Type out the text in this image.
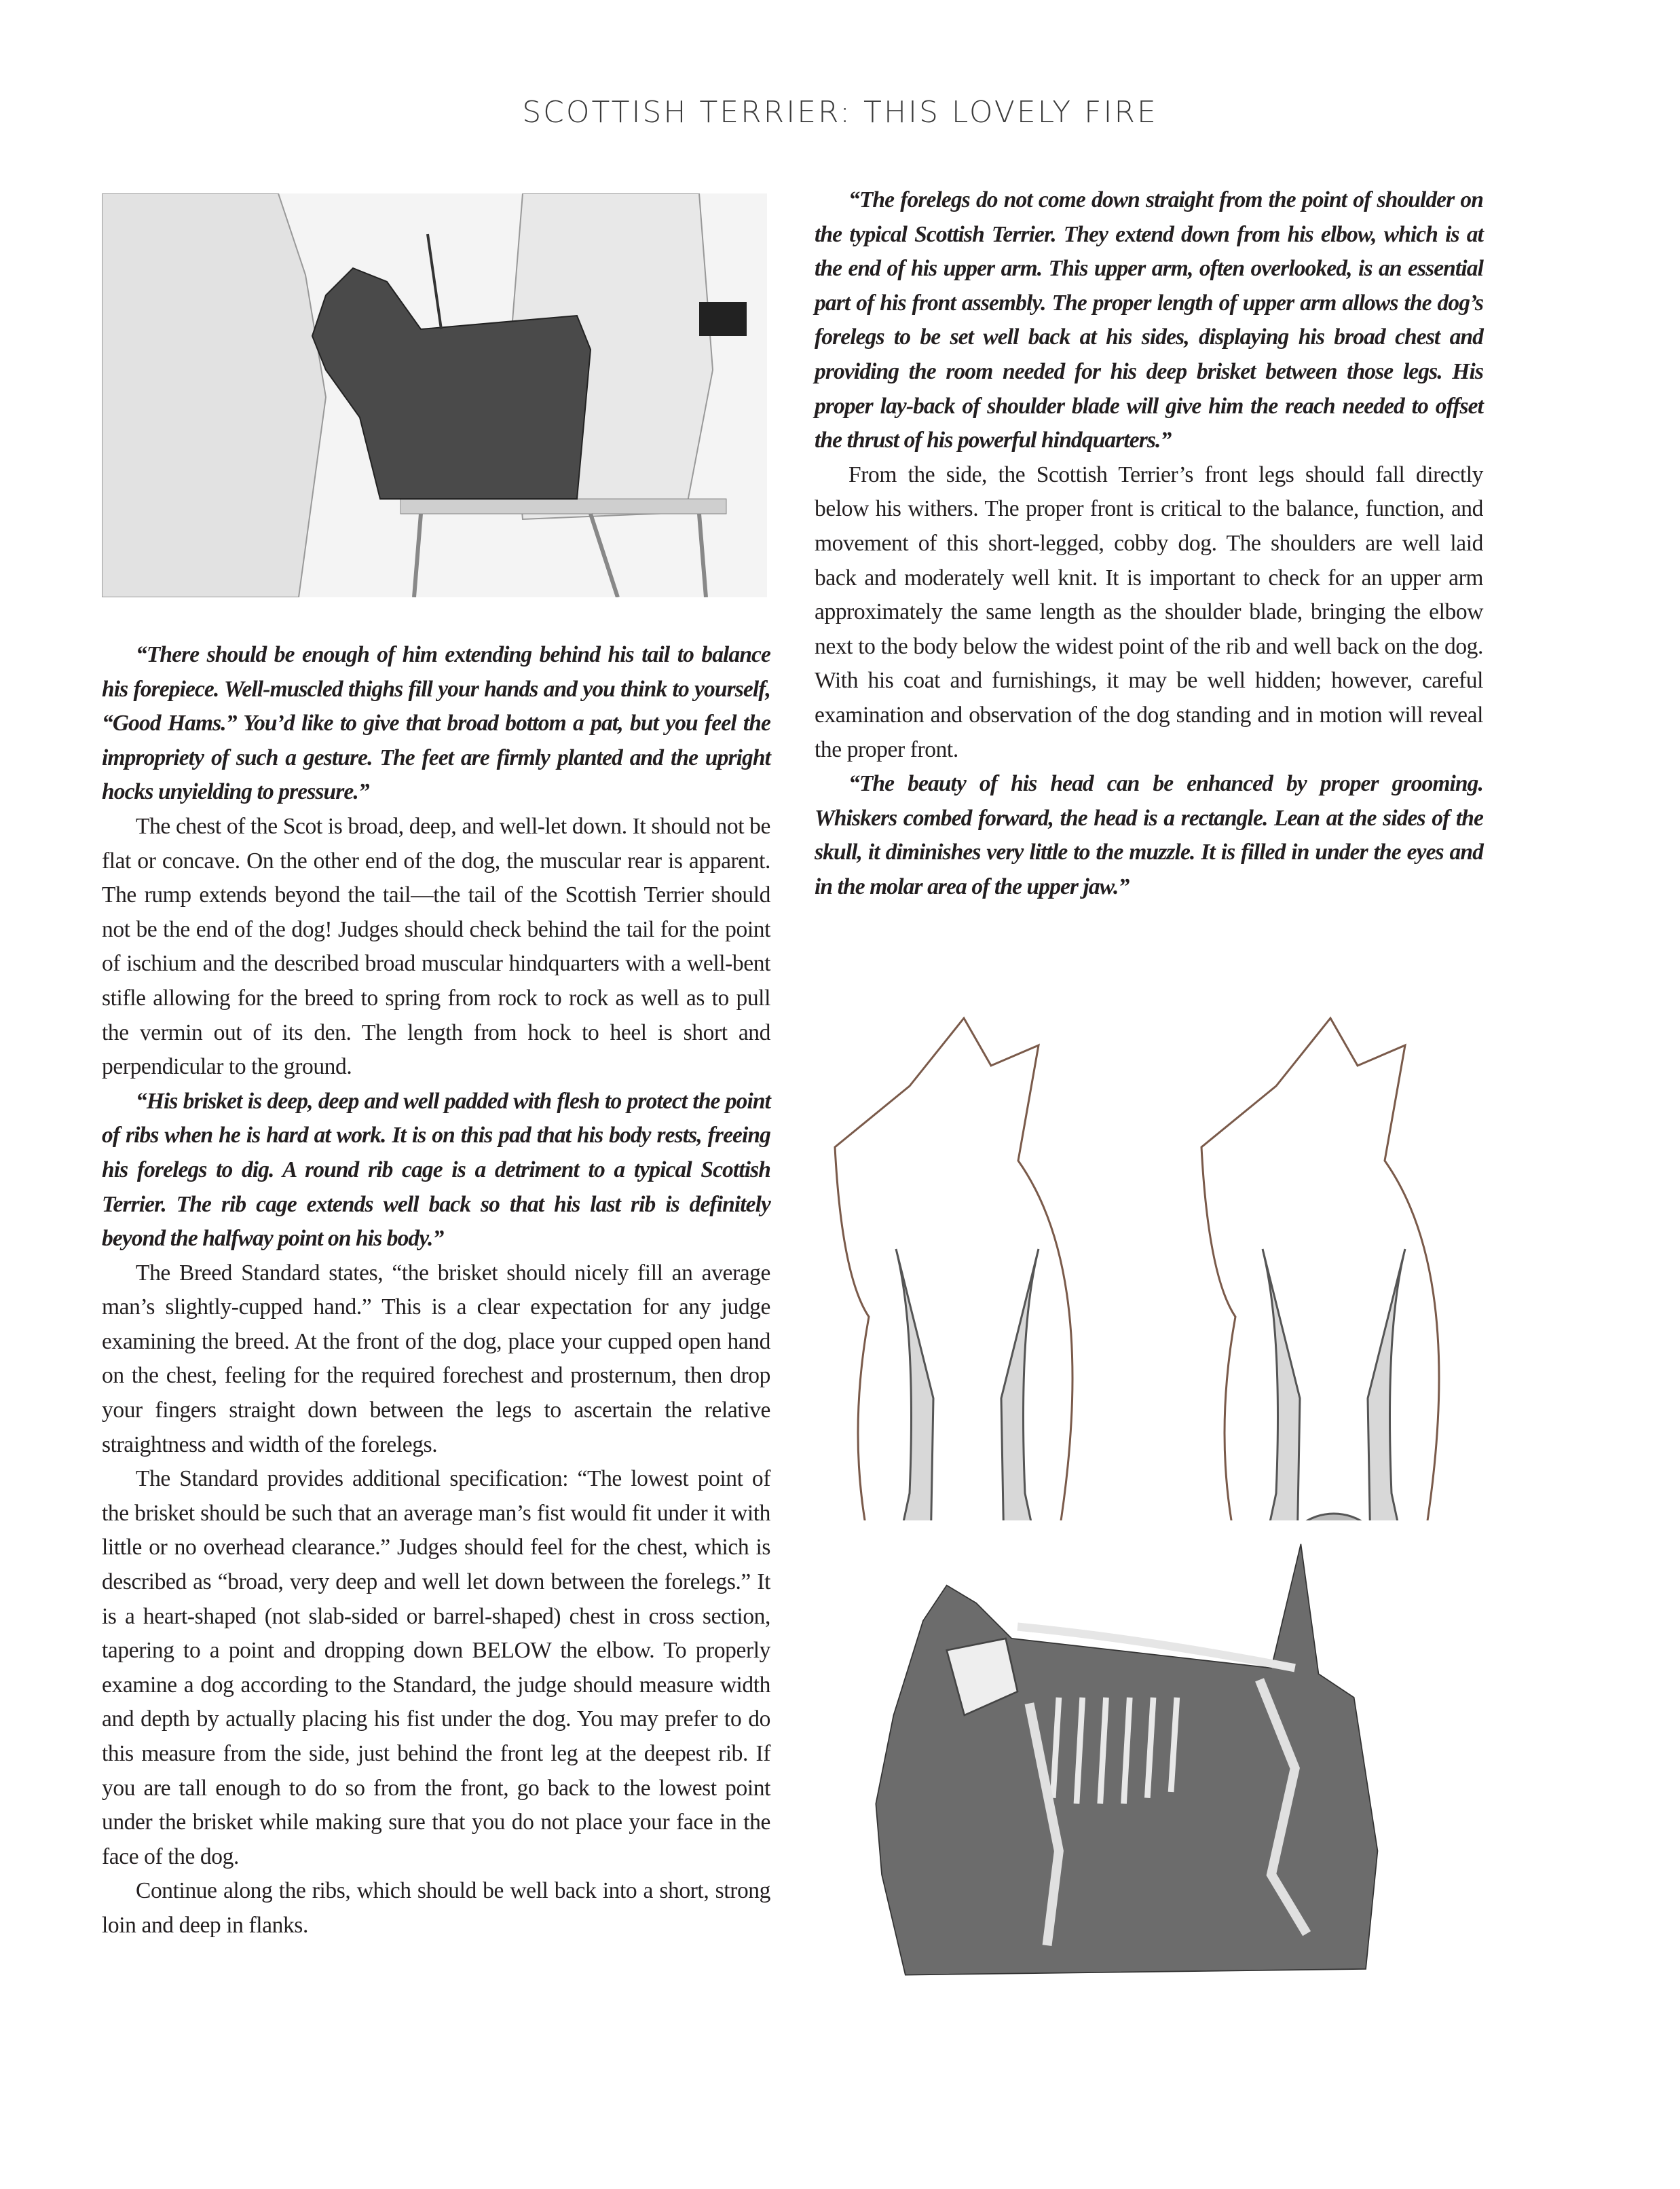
SCOTTISH TERRIER: THIS LOVELY FIRE

“There should be enough of him extending behind his tail to balance his forepiece. Well-muscled thighs fill your hands and you think to yourself, “Good Hams.” You’d like to give that broad bottom a pat, but you feel the impropriety of such a gesture. The feet are firmly planted and the upright hocks unyielding to pressure.”

The chest of the Scot is broad, deep, and well-let down. It should not be flat or concave. On the other end of the dog, the muscular rear is apparent. The rump extends beyond the tail—the tail of the Scottish Terrier should not be the end of the dog! Judges should check behind the tail for the point of ischium and the described broad muscular hindquarters with a well-bent stifle allowing for the breed to spring from rock to rock as well as to pull the vermin out of its den. The length from hock to heel is short and perpendicular to the ground.

“His brisket is deep, deep and well padded with flesh to protect the point of ribs when he is hard at work. It is on this pad that his body rests, freeing his forelegs to dig. A round rib cage is a detriment to a typical Scottish Terrier. The rib cage extends well back so that his last rib is definitely beyond the halfway point on his body.”

The Breed Standard states, “the brisket should nicely fill an average man’s slightly-cupped hand.” This is a clear expectation for any judge examining the breed. At the front of the dog, place your cupped open hand on the chest, feeling for the required forechest and prosternum, then drop your fingers straight down between the legs to ascertain the relative straightness and width of the forelegs.

The Standard provides additional specification: “The lowest point of the brisket should be such that an average man’s fist would fit under it with little or no overhead clearance.” Judges should feel for the chest, which is described as “broad, very deep and well let down between the forelegs.” It is a heart-shaped (not slab-sided or barrel-shaped) chest in cross section, tapering to a point and dropping down BELOW the elbow. To properly examine a dog according to the Standard, the judge should measure width and depth by actually placing his fist under the dog. You may prefer to do this measure from the side, just behind the front leg at the deepest rib. If you are tall enough to do so from the front, go back to the lowest point under the brisket while making sure that you do not place your face in the face of the dog.

Continue along the ribs, which should be well back into a short, strong loin and deep in flanks.

“The forelegs do not come down straight from the point of shoulder on the typical Scottish Terrier. They extend down from his elbow, which is at the end of his upper arm. This upper arm, often overlooked, is an essential part of his front assembly. The proper length of upper arm allows the dog’s forelegs to be set well back at his sides, displaying his broad chest and providing the room needed for his deep brisket between those legs. His proper lay-back of shoulder blade will give him the reach needed to offset the thrust of his powerful hindquarters.”

From the side, the Scottish Terrier’s front legs should fall directly below his withers. The proper front is critical to the balance, function, and movement of this short-legged, cobby dog. The shoulders are well laid back and moderately well knit. It is important to check for an upper arm approximately the same length as the shoulder blade, bringing the elbow next to the body below the widest point of the rib and well back on the dog. With his coat and furnishings, it may be well hidden; however, careful examination and observation of the dog standing and in motion will reveal the proper front.

“The beauty of his head can be enhanced by proper grooming. Whiskers combed forward, the head is a rectangle. Lean at the sides of the skull, it diminishes very little to the muzzle. It is filled in under the eyes and in the molar area of the upper jaw.”
